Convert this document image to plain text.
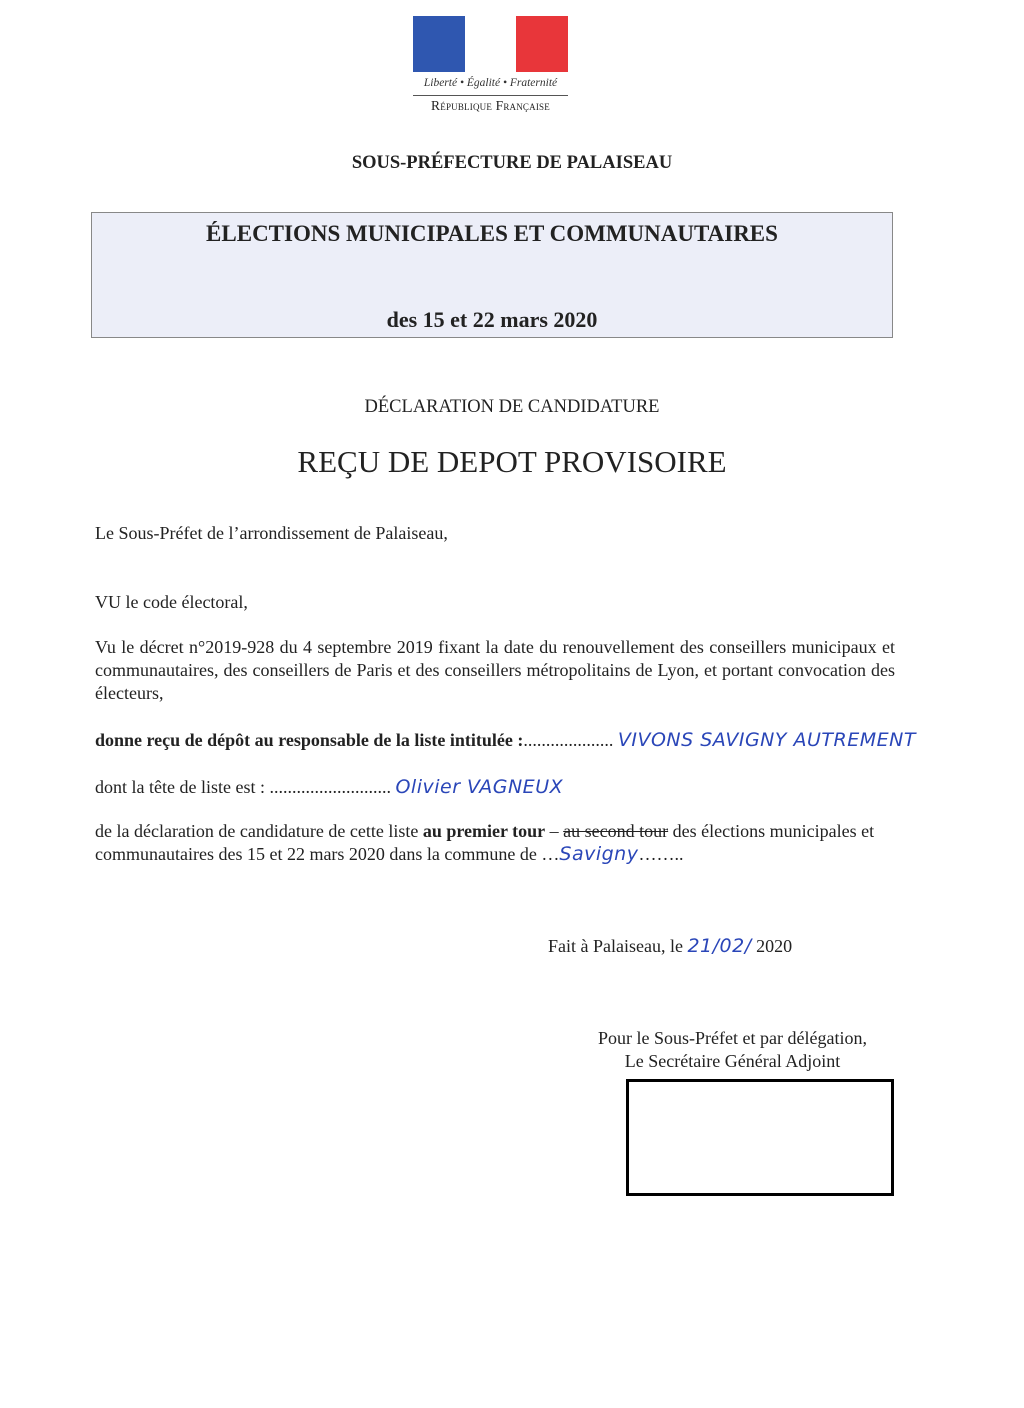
Liberté • Égalité • Fraternité
République Française
SOUS-PRÉFECTURE DE PALAISEAU
ÉLECTIONS MUNICIPALES ET COMMUNAUTAIRES
des 15 et 22 mars 2020
DÉCLARATION DE CANDIDATURE
REÇU DE DEPOT PROVISOIRE
Le Sous-Préfet de l’arrondissement de Palaiseau,
VU le code électoral,
Vu le décret n°2019-928 du 4 septembre 2019 fixant la date du renouvellement des conseillers municipaux et communautaires, des conseillers de Paris et des conseillers métropolitains de Lyon, et portant convocation des électeurs,
donne reçu de dépôt au responsable de la liste intitulée :.................... VIVONS SAVIGNY AUTREMENT
dont la tête de liste est : ........................... Olivier VAGNEUX
de la déclaration de candidature de cette liste au premier tour – au second tour des élections municipales et communautaires des 15 et 22 mars 2020 dans la commune de …Savigny……..
Fait à Palaiseau, le 21/02/ 2020
Pour le Sous-Préfet et par délégation,
Le Secrétaire Général Adjoint
